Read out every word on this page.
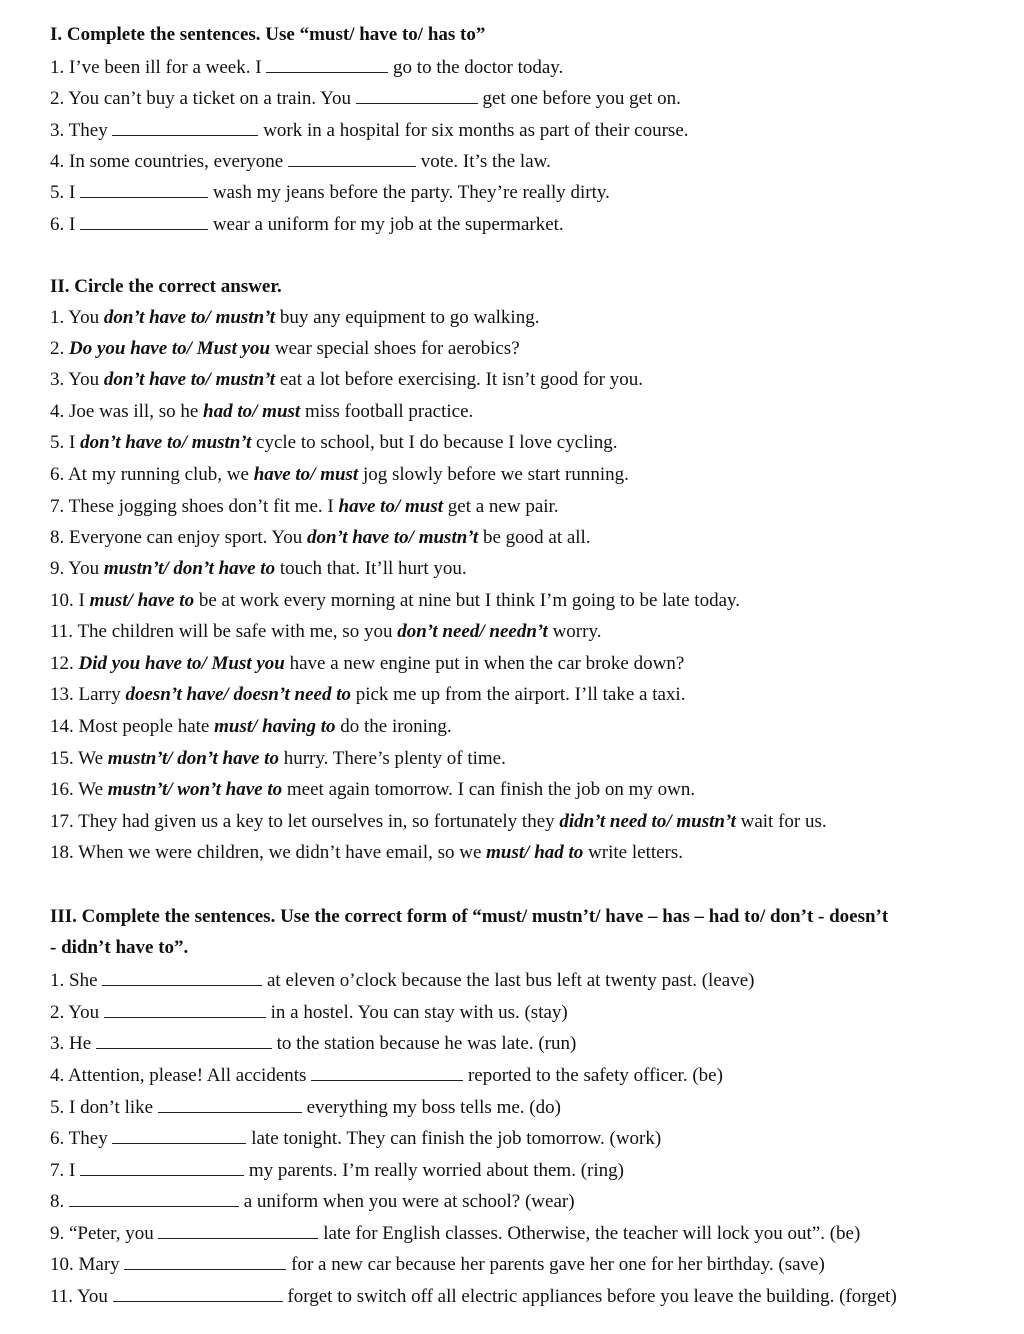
I. Complete the sentences. Use “must/ have to/ has to”
1. I’ve been ill for a week. I	go to the doctor today.
2. You can’t buy a ticket on a train. You	get one before you get on.
3. They	work in a hospital for six months as part of their course.
4. In some countries, everyone	vote. It’s the law.
5. I	wash my jeans before the party. They’re really dirty.
6. I	wear a uniform for my job at the supermarket.
II. Circle the correct answer.
1. You don’t have to/ mustn’t buy any equipment to go walking.
2. Do you have to/ Must you wear special shoes for aerobics?
3. You don’t have to/ mustn’t eat a lot before exercising. It isn’t good for you.
4. Joe was ill, so he had to/ must miss football practice.
5. I don’t have to/ mustn’t cycle to school, but I do because I love cycling.
6. At my running club, we have to/ must jog slowly before we start running.
7. These jogging shoes don’t fit me. I have to/ must get a new pair.
8. Everyone can enjoy sport. You don’t have to/ mustn’t be good at all.
9. You mustn’t/ don’t have to touch that. It’ll hurt you.
10. I must/ have to be at work every morning at nine but I think I’m going to be late today.
11. The children will be safe with me, so you don’t need/ needn’t worry.
12. Did you have to/ Must you have a new engine put in when the car broke down?
13. Larry doesn’t have/ doesn’t need to pick me up from the airport. I’ll take a taxi.
14. Most people hate must/ having to do the ironing.
15. We mustn’t/ don’t have to hurry. There’s plenty of time.
16. We mustn’t/ won’t have to meet again tomorrow. I can finish the job on my own.
17. They had given us a key to let ourselves in, so fortunately they didn’t need to/ mustn’t wait for us.
18. When we were children, we didn’t have email, so we must/ had to write letters.
III. Complete the sentences. Use the correct form of “must/ mustn’t/ have – has – had to/ don’t - doesn’t
- didn’t have to”.
1. She	at eleven o’clock because the last bus left at twenty past. (leave)
2. You	in a hostel. You can stay with us. (stay)
3. He	to the station because he was late. (run)
4. Attention, please! All accidents	reported to the safety officer. (be)
5. I don’t like	everything my boss tells me. (do)
6. They	late tonight. They can finish the job tomorrow. (work)
7. I	my parents. I’m really worried about them. (ring)
8.	a uniform when you were at school? (wear)
9. “Peter, you	late for English classes. Otherwise, the teacher will lock you out”. (be)
10. Mary	for a new car because her parents gave her one for her birthday. (save)
11. You	forget to switch off all electric appliances before you leave the building. (forget)
